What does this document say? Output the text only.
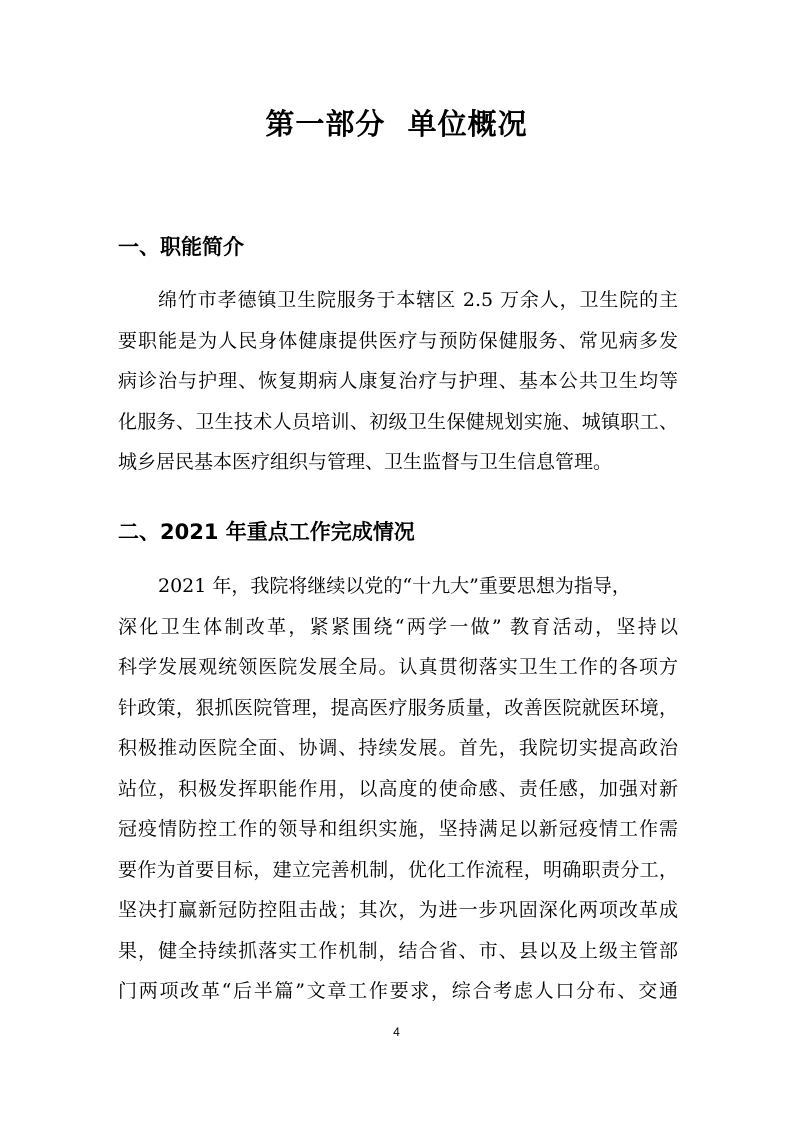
第一部分  单位概况
一、职能简介
绵竹市孝德镇卫生院服务于本辖区 2.5 万余人，卫生院的主
要职能是为人民身体健康提供医疗与预防保健服务、常见病多发
病诊治与护理、恢复期病人康复治疗与护理、基本公共卫生均等
化服务、卫生技术人员培训、初级卫生保健规划实施、城镇职工、
城乡居民基本医疗组织与管理、卫生监督与卫生信息管理。
二、2021 年重点工作完成情况
2021 年，我院将继续以党的“十九大”重要思想为指导，
深化卫生体制改革，紧紧围绕“两学一做” 教育活动，坚持以
科学发展观统领医院发展全局。认真贯彻落实卫生工作的各项方
针政策，狠抓医院管理，提高医疗服务质量，改善医院就医环境，
积极推动医院全面、协调、持续发展。首先，我院切实提高政治
站位，积极发挥职能作用，以高度的使命感、责任感，加强对新
冠疫情防控工作的领导和组织实施，坚持满足以新冠疫情工作需
要作为首要目标，建立完善机制，优化工作流程，明确职责分工，
坚决打赢新冠防控阻击战；其次，为进一步巩固深化两项改革成
果，健全持续抓落实工作机制，结合省、市、县以及上级主管部
门两项改革“后半篇”文章工作要求，综合考虑人口分布、交通
4
